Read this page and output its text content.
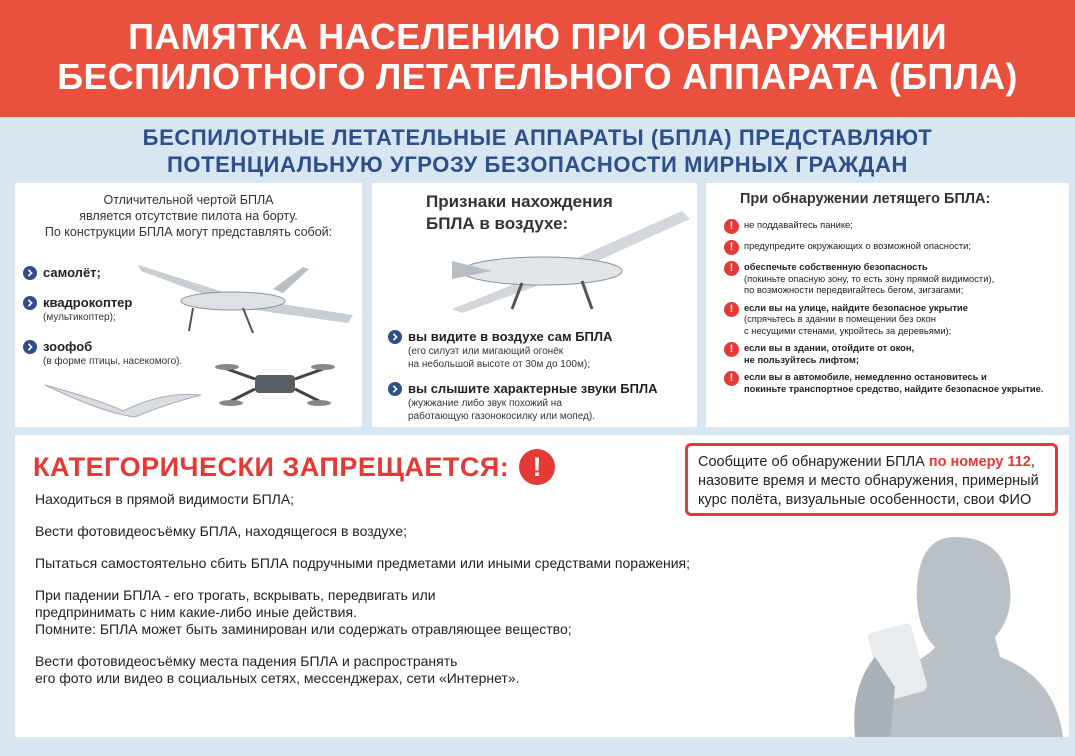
ПАМЯТКА НАСЕЛЕНИЮ ПРИ ОБНАРУЖЕНИИ
БЕСПИЛОТНОГО ЛЕТАТЕЛЬНОГО АППАРАТА (БПЛА)
БЕСПИЛОТНЫЕ ЛЕТАТЕЛЬНЫЕ АППАРАТЫ (БПЛА) ПРЕДСТАВЛЯЮТ
ПОТЕНЦИАЛЬНУЮ УГРОЗУ БЕЗОПАСНОСТИ МИРНЫХ ГРАЖДАН
Отличительной чертой БПЛА
является отсутствие пилота на борту.
По конструкции БПЛА могут представлять собой:
самолёт;
квадрокоптер
(мультикоптер);
зоофоб
(в форме птицы, насекомого).
Признаки нахождения
БПЛА в воздухе:
вы видите в воздухе сам БПЛА
(его силуэт или мигающий огонёк
на небольшой высоте от 30м до 100м);
вы слышите характерные звуки БПЛА
(жужжание либо звук похожий на
работающую газонокосилку или мопед).
При обнаружении летящего БПЛА:
!	не поддавайтесь панике;
!	предупредите окружающих о возможной опасности;
!	обеспечьте собственную безопасность
(покиньте опасную зону, то есть зону прямой видимости),
по возможности передвигайтесь бегом, зигзагами;
!	если вы на улице, найдите безопасное укрытие
(спрячьтесь в здании в помещении без окон
с несущими стенами, укройтесь за деревьями);
!	если вы в здании, отойдите от окон,
не пользуйтесь лифтом;
!	если вы в автомобиле, немедленно остановитесь и
покиньте транспортное средство, найдите безопасное укрытие.
КАТЕГОРИЧЕСКИ ЗАПРЕЩАЕТСЯ: !
Находиться в прямой видимости БПЛА;
Вести фотовидеосъёмку БПЛА, находящегося в воздухе;
Пытаться самостоятельно сбить БПЛА подручными предметами или иными средствами поражения;
При падении БПЛА - его трогать, вскрывать, передвигать или
предпринимать с ним какие-либо иные действия.
Помните: БПЛА может быть заминирован или содержать отравляющее вещество;
Вести фотовидеосъёмку места падения БПЛА и распространять
его фото или видео в социальных сетях, мессенджерах, сети «Интернет».
Сообщите об обнаружении БПЛА по номеру 112,
назовите время и место обнаружения, примерный
курс полёта, визуальные особенности, свои ФИО
